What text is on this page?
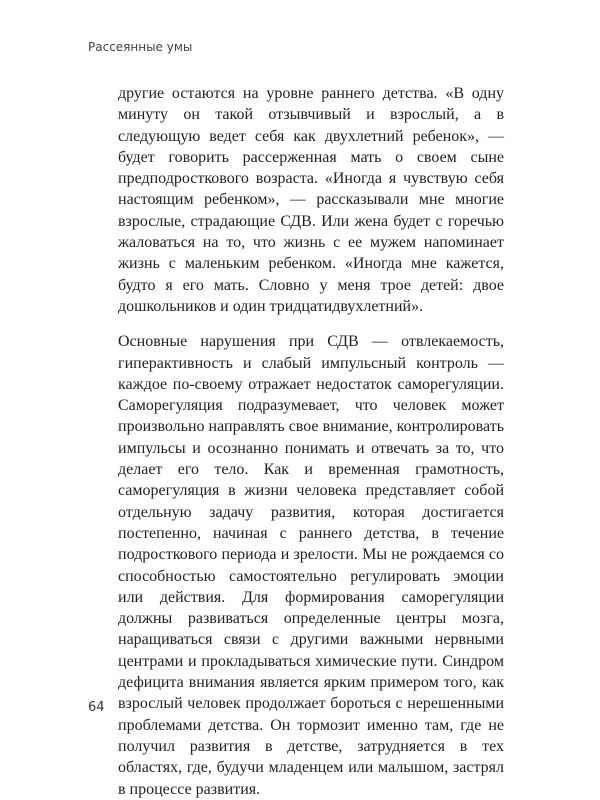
Рассеянные умы

другие остаются на уровне раннего детства. «В одну минуту он такой отзывчивый и взрослый, а в следующую ведет себя как двухлетний ребенок», — будет говорить рассерженная мать о своем сыне предподросткового возраста. «Иногда я чувствую себя настоящим ребенком», — рассказывали мне многие взрослые, страдающие СДВ. Или жена будет с горечью жаловаться на то, что жизнь с ее мужем напоминает жизнь с маленьким ребенком. «Иногда мне кажется, будто я его мать. Словно у меня трое детей: двое дошкольников и один тридцатидвухлетний».

Основные нарушения при СДВ — отвлекаемость, гиперактивность и слабый импульсный контроль — каждое по-своему отражает недостаток саморегуляции. Саморегуляция подразумевает, что человек может произвольно направлять свое внимание, контролировать импульсы и осознанно понимать и отвечать за то, что делает его тело. Как и временная грамотность, саморегуляция в жизни человека представляет собой отдельную задачу развития, которая достигается постепенно, начиная с раннего детства, в течение подросткового периода и зрелости. Мы не рождаемся со способностью самостоятельно регулировать эмоции или действия. Для формирования саморегуляции должны развиваться определенные центры мозга, наращиваться связи с другими важными нервными центрами и прокладываться химические пути. Синдром дефицита внимания является ярким примером того, как взрослый человек продолжает бороться с нерешенными проблемами детства. Он тормозит именно там, где не получил развития в детстве, затрудняется в тех областях, где, будучи младенцем или малышом, застрял в процессе развития.

64
